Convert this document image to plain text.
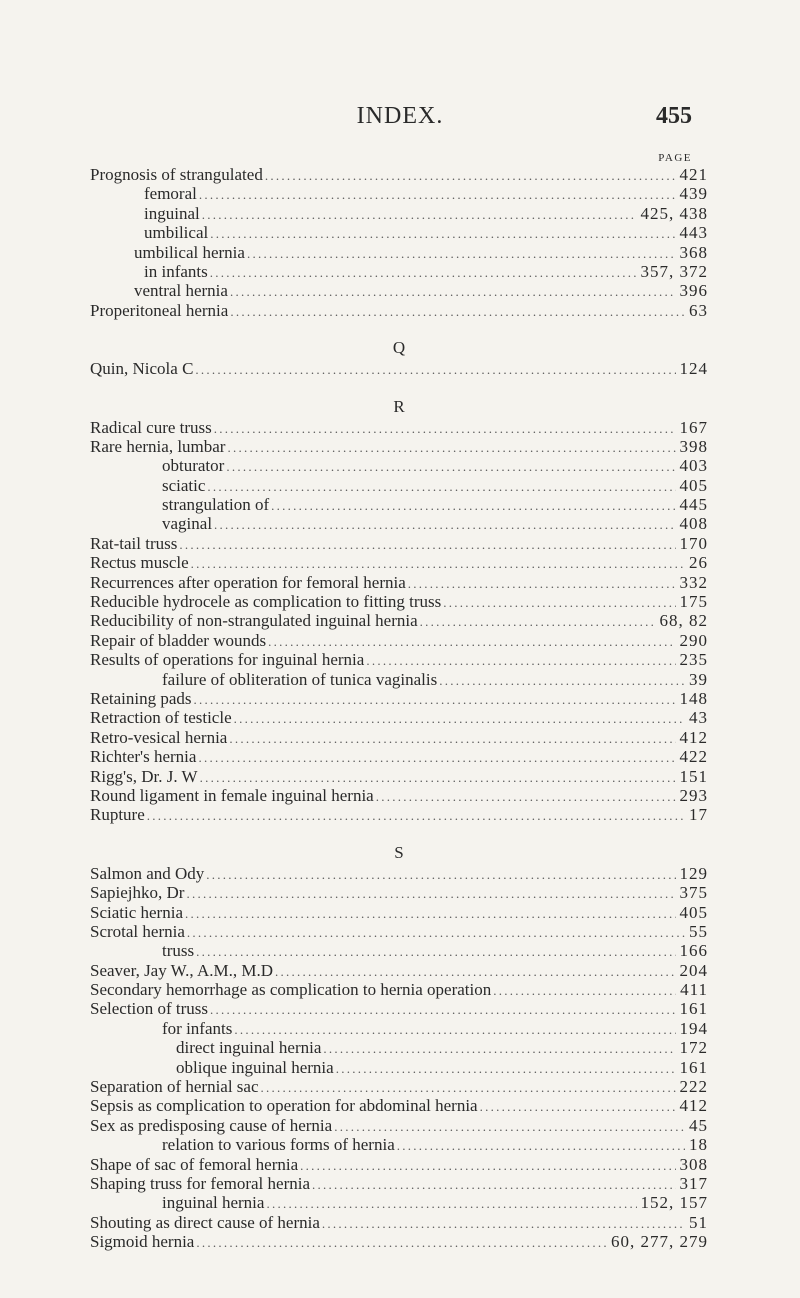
INDEX.	455
PAGE
Prognosis of strangulated . . .	421
femoral . . .	439
inguinal . . .	425, 438
umbilical . . .	443
umbilical hernia . . .	368
in infants . . .	357, 372
ventral hernia . . .	396
Properitoneal hernia . . .	63
Q
Quin, Nicola C . . .	124
R
Radical cure truss . . .	167
Rare hernia, lumbar . . .	398
obturator . . .	403
sciatic . . .	405
strangulation of . . .	445
vaginal . . .	408
Rat-tail truss . . .	170
Rectus muscle . . .	26
Recurrences after operation for femoral hernia . . .	332
Reducible hydrocele as complication to fitting truss . . .	175
Reducibility of non-strangulated inguinal hernia . . .	68, 82
Repair of bladder wounds . . .	290
Results of operations for inguinal hernia . . .	235
failure of obliteration of tunica vaginalis . . .	39
Retaining pads . . .	148
Retraction of testicle . . .	43
Retro-vesical hernia . . .	412
Richter's hernia . . .	422
Rigg's, Dr. J. W . . .	151
Round ligament in female inguinal hernia . . .	293
Rupture . . .	17
S
Salmon and Ody . . .	129
Sapiejhko, Dr . . .	375
Sciatic hernia . . .	405
Scrotal hernia . . .	55
truss . . .	166
Seaver, Jay W., A.M., M.D . . .	204
Secondary hemorrhage as complication to hernia operation . . .	411
Selection of truss . . .	161
for infants . . .	194
direct inguinal hernia . . .	172
oblique inguinal hernia . . .	161
Separation of hernial sac . . .	222
Sepsis as complication to operation for abdominal hernia . . .	412
Sex as predisposing cause of hernia . . .	45
relation to various forms of hernia . . .	18
Shape of sac of femoral hernia . . .	308
Shaping truss for femoral hernia . . .	317
inguinal hernia . . .	152, 157
Shouting as direct cause of hernia . . .	51
Sigmoid hernia . . .	60, 277, 279
